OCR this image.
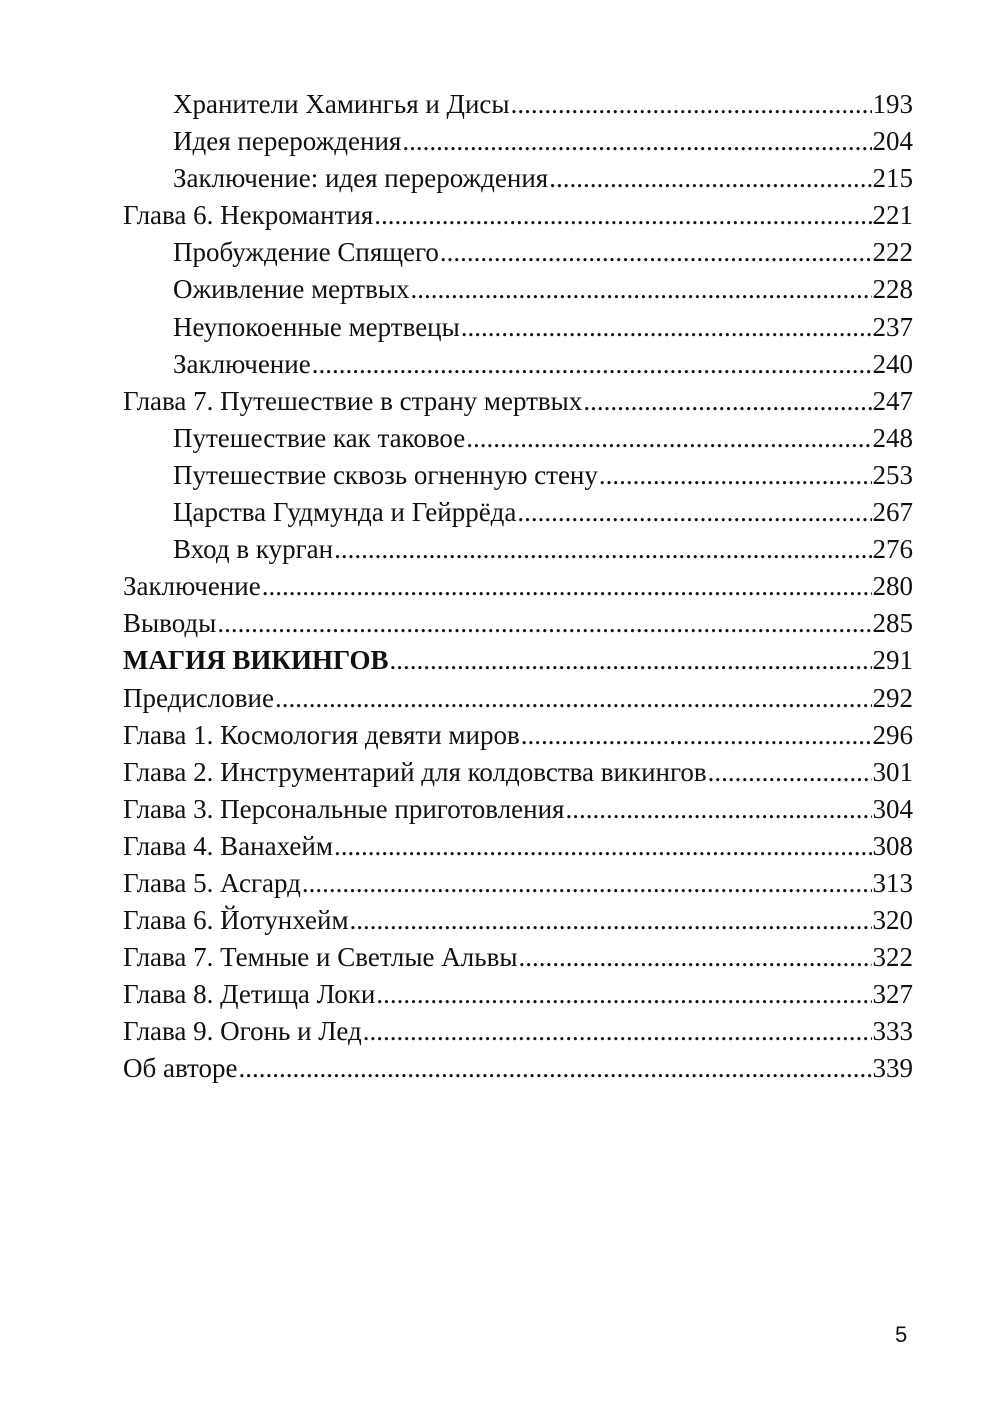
Хранители Хамингья и Дисы .....	193
Идея перерождения .....	204
Заключение: идея перерождения .....	215
Глава 6. Некромантия .....	221
Пробуждение Спящего .....	222
Оживление мертвых .....	228
Неупокоенные мертвецы .....	237
Заключение .....	240
Глава 7. Путешествие в страну мертвых .....	247
Путешествие как таковое .....	248
Путешествие сквозь огненную стену .....	253
Царства Гудмунда и Гейррёда .....	267
Вход в курган .....	276
Заключение .....	280
Выводы .....	285
МАГИЯ ВИКИНГОВ .....	291
Предисловие .....	292
Глава 1. Космология девяти миров .....	296
Глава 2. Инструментарий для колдовства викингов .....	301
Глава 3. Персональные приготовления .....	304
Глава 4. Ванахейм .....	308
Глава 5. Асгард .....	313
Глава 6. Йотунхейм .....	320
Глава 7. Темные и Светлые Альвы .....	322
Глава 8. Детища Локи .....	327
Глава 9. Огонь и Лед .....	333
Об авторе .....	339
5
